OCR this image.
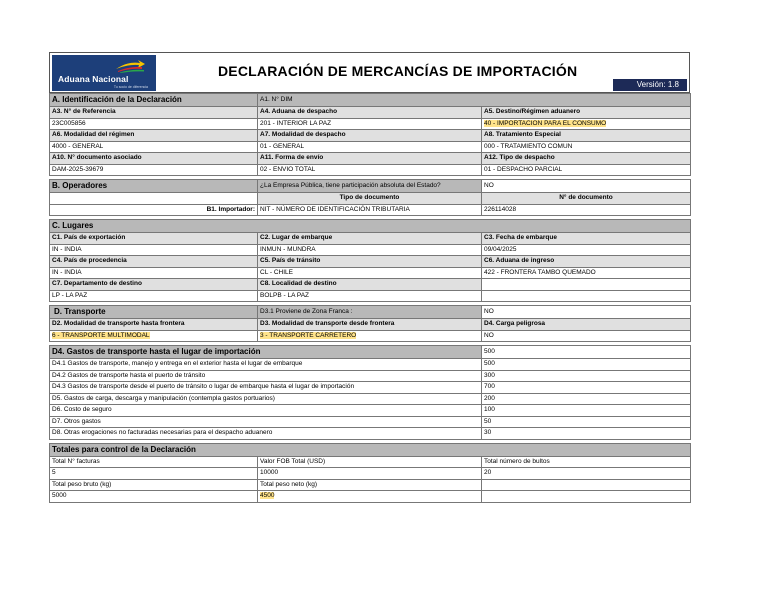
Aduana Nacional
Tu socio de diferencia
DECLARACIÓN DE MERCANCÍAS DE IMPORTACIÓN
Versión: 1.8
A. Identificación de la Declaración	A1. N° DIM	
A3. N° de Referencia	A4. Aduana de despacho	A5. Destino/Régimen aduanero
23C005856	201 - INTERIOR LA PAZ	40 - IMPORTACION PARA EL CONSUMO
A6. Modalidad del régimen	A7. Modalidad de despacho	A8. Tratamiento Especial
4000 - GENERAL	01 - GENERAL	000 - TRATAMIENTO COMUN
A10. N° documento asociado	A11. Forma de envío	A12. Tipo de despacho
DAM-2025-39679	02 - ENVIO TOTAL	01 - DESPACHO PARCIAL
B. Operadores	¿La Empresa Pública, tiene participación absoluta del Estado?	NO
	Tipo de documento	N° de documento
B1. Importador:	NIT - NÚMERO DE IDENTIFICACIÓN TRIBUTARIA	226114028
C. Lugares		
C1. País de exportación	C2. Lugar de embarque	C3. Fecha de embarque
IN - INDIA	INMUN - MUNDRA	09/04/2025
C4. País de procedencia	C5. País de tránsito	C6. Aduana de ingreso
IN - INDIA	CL - CHILE	422 - FRONTERA TAMBO QUEMADO
C7. Departamento de destino	C8. Localidad de destino	
LP - LA PAZ	BOLPB - LA PAZ	
D. Transporte	D3.1 Proviene de Zona Franca :	NO
D2. Modalidad de transporte hasta frontera	D3. Modalidad de transporte desde frontera	D4. Carga peligrosa
6 - TRANSPORTE MULTIMODAL	3 - TRANSPORTE CARRETERO	NO
D4. Gastos de transporte hasta el lugar de importación	500
D4.1 Gastos de transporte, manejo y entrega en el exterior hasta el lugar de embarque	500
D4.2 Gastos de transporte hasta el puerto de tránsito	300
D4.3 Gastos de transporte desde el puerto de tránsito o lugar de embarque hasta el lugar de importación	700
D5. Gastos de carga, descarga y manipulación (contempla gastos portuarios)	200
D6. Costo de seguro	100
D7. Otros gastos	50
D8. Otras erogaciones no facturadas necesarias para el despacho aduanero	30
Totales para control de la Declaración		
Total N° facturas	Valor FOB Total (USD)	Total número de bultos
5	10000	20
Total peso bruto (kg)	Total peso neto (kg)	
5000	4500	
